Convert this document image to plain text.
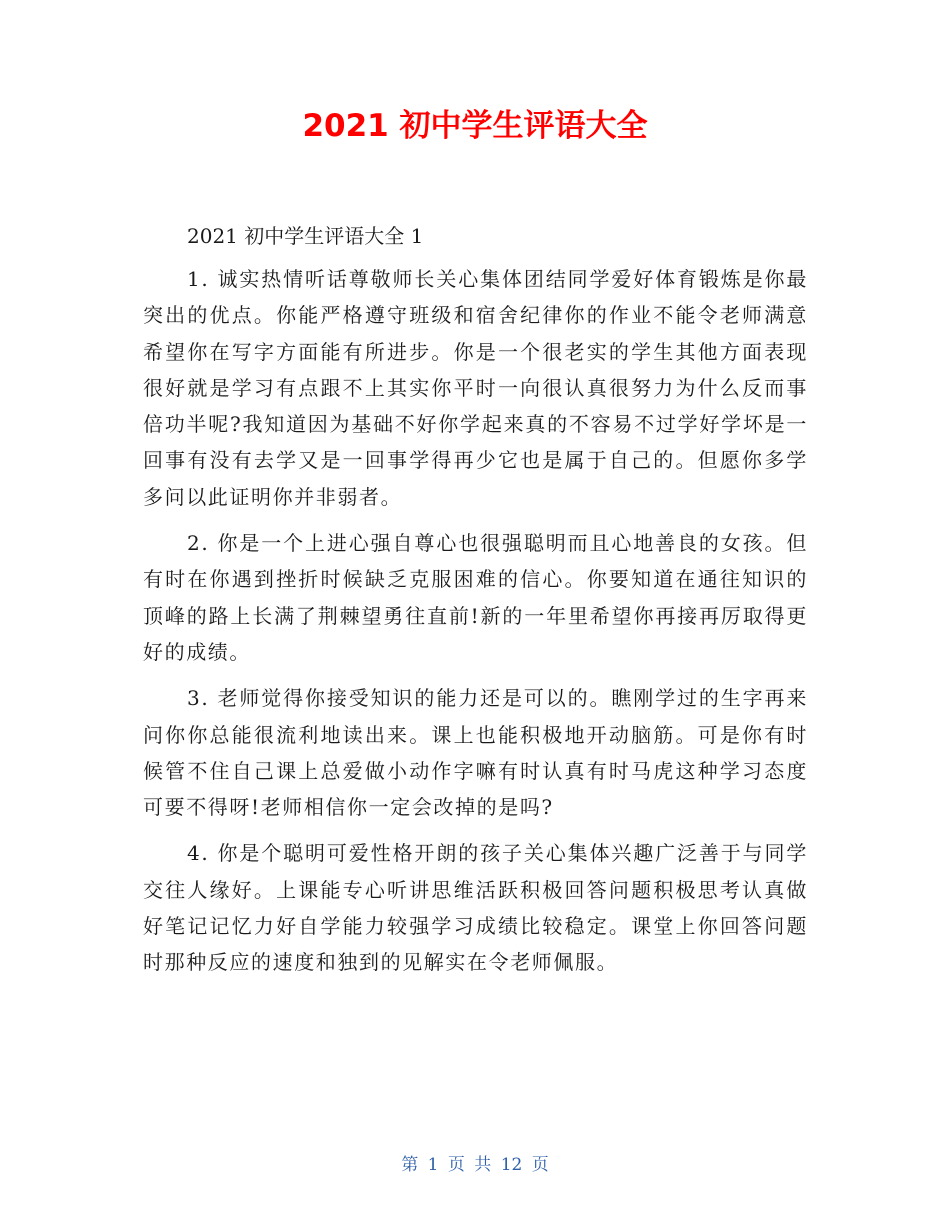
2021 初中学生评语大全

2021 初中学生评语大全 1

1. 诚实热情听话尊敬师长关心集体团结同学爱好体育锻炼是你最突出的优点。你能严格遵守班级和宿舍纪律你的作业不能令老师满意希望你在写字方面能有所进步。你是一个很老实的学生其他方面表现很好就是学习有点跟不上其实你平时一向很认真很努力为什么反而事倍功半呢?我知道因为基础不好你学起来真的不容易不过学好学坏是一回事有没有去学又是一回事学得再少它也是属于自己的。但愿你多学多问以此证明你并非弱者。

2. 你是一个上进心强自尊心也很强聪明而且心地善良的女孩。但有时在你遇到挫折时候缺乏克服困难的信心。你要知道在通往知识的顶峰的路上长满了荆棘望勇往直前!新的一年里希望你再接再厉取得更好的成绩。

3. 老师觉得你接受知识的能力还是可以的。瞧刚学过的生字再来问你你总能很流利地读出来。课上也能积极地开动脑筋。可是你有时候管不住自己课上总爱做小动作字嘛有时认真有时马虎这种学习态度可要不得呀!老师相信你一定会改掉的是吗?

4. 你是个聪明可爱性格开朗的孩子关心集体兴趣广泛善于与同学交往人缘好。上课能专心听讲思维活跃积极回答问题积极思考认真做好笔记记忆力好自学能力较强学习成绩比较稳定。课堂上你回答问题时那种反应的速度和独到的见解实在令老师佩服。

第 1 页 共 12 页
